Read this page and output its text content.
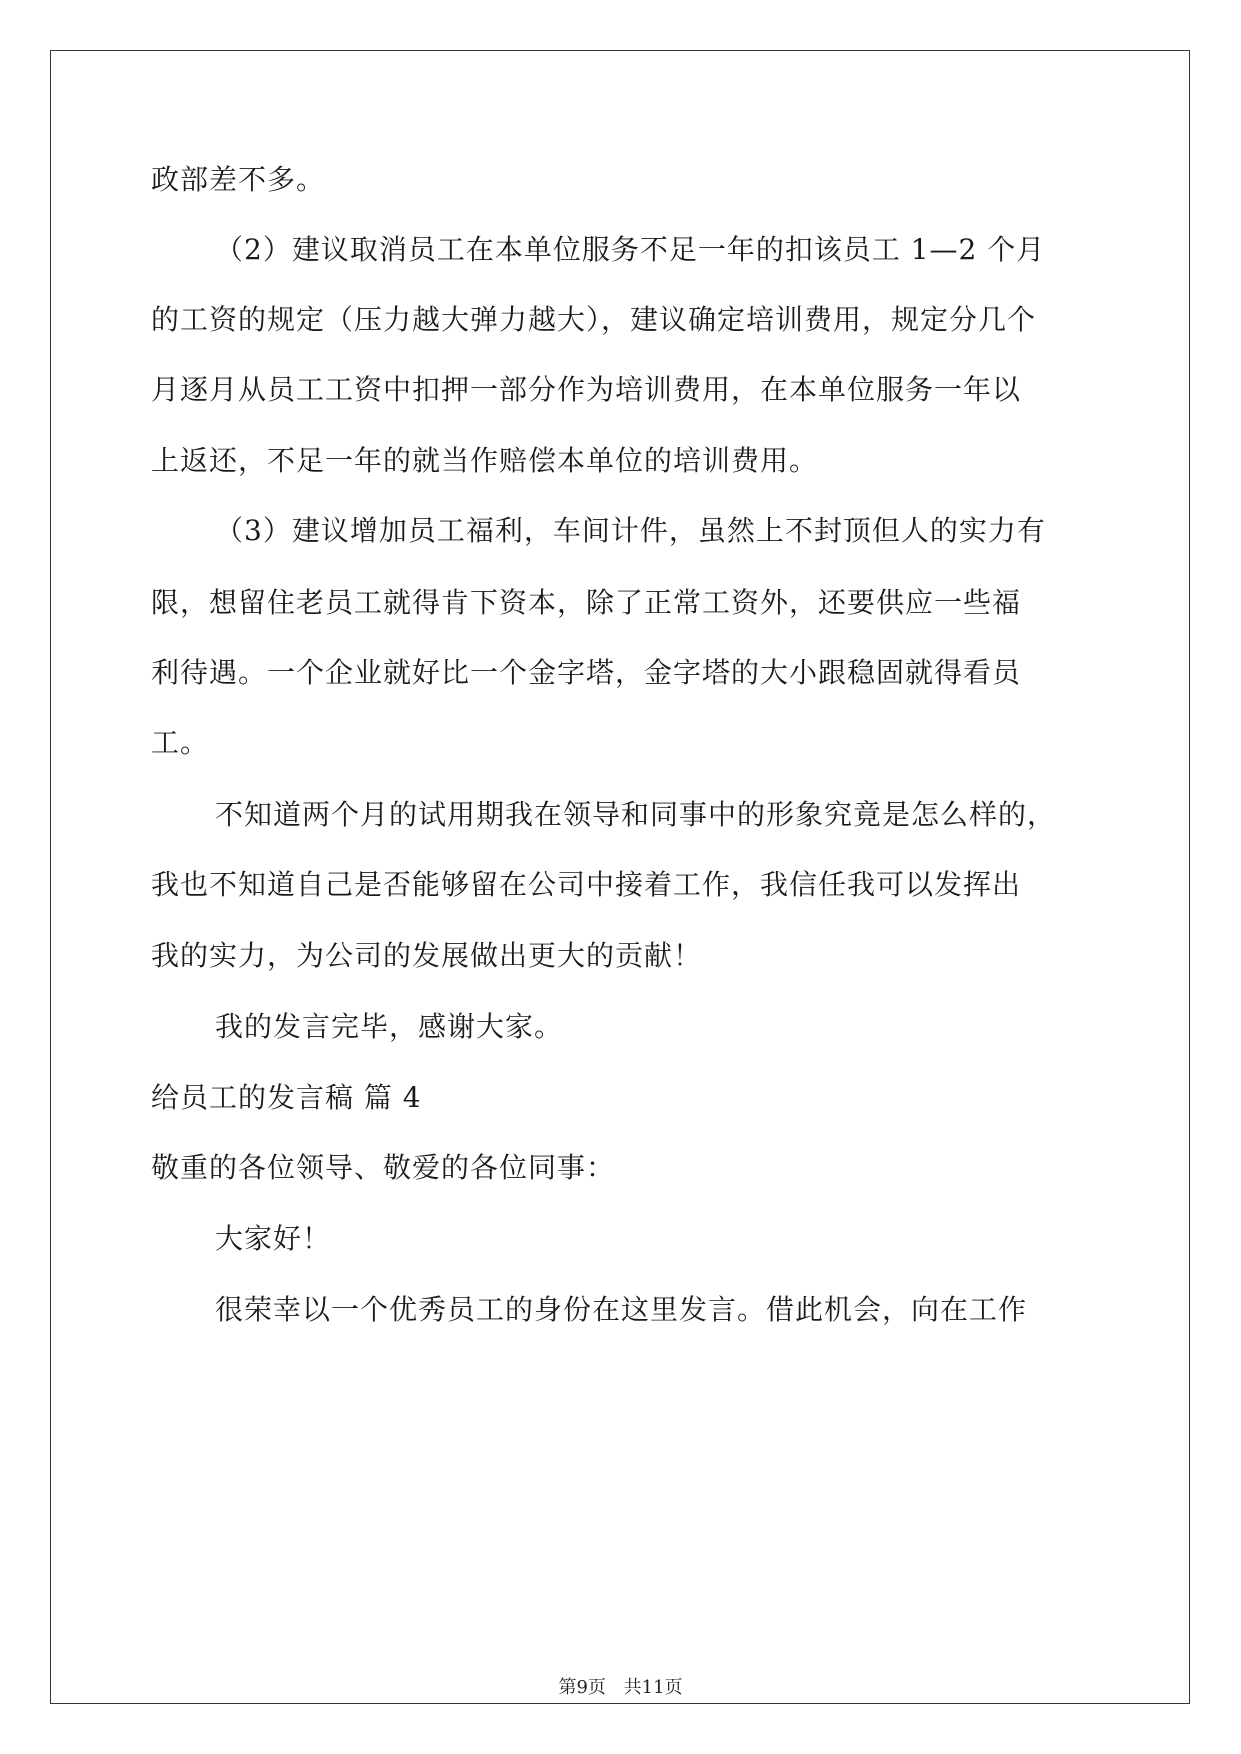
政部差不多。
（2）建议取消员工在本单位服务不足一年的扣该员工 1—2 个月
的工资的规定（压力越大弹力越大），建议确定培训费用，规定分几个
月逐月从员工工资中扣押一部分作为培训费用，在本单位服务一年以
上返还，不足一年的就当作赔偿本单位的培训费用。
（3）建议增加员工福利，车间计件，虽然上不封顶但人的实力有
限，想留住老员工就得肯下资本，除了正常工资外，还要供应一些福
利待遇。一个企业就好比一个金字塔，金字塔的大小跟稳固就得看员
工。
不知道两个月的试用期我在领导和同事中的形象究竟是怎么样的，
我也不知道自己是否能够留在公司中接着工作，我信任我可以发挥出
我的实力，为公司的发展做出更大的贡献！
我的发言完毕，感谢大家。
给员工的发言稿 篇 4
敬重的各位领导、敬爱的各位同事：
大家好！
很荣幸以一个优秀员工的身份在这里发言。借此机会，向在工作
第9页 共11页
